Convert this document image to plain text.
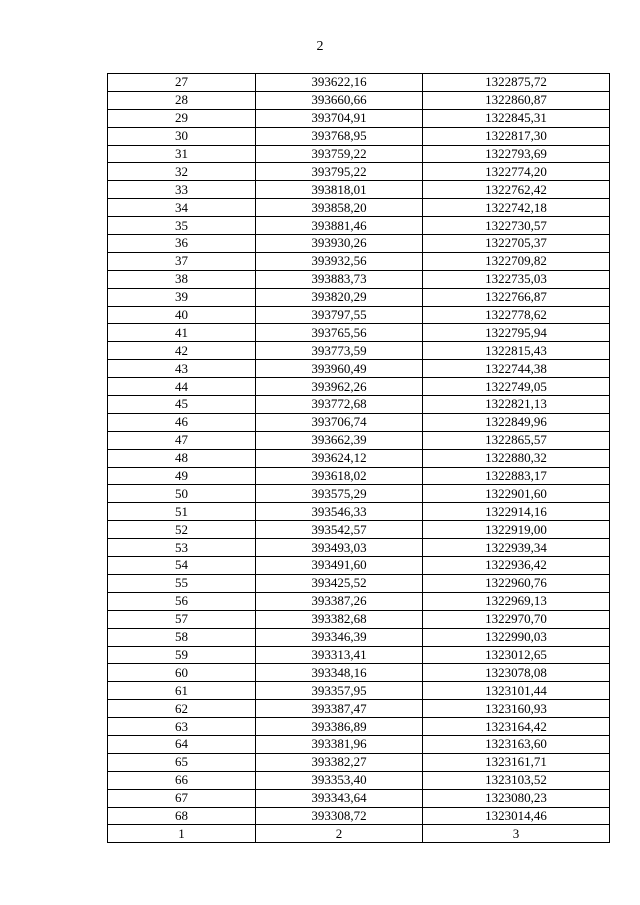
2
27	393622,16	1322875,72
28	393660,66	1322860,87
29	393704,91	1322845,31
30	393768,95	1322817,30
31	393759,22	1322793,69
32	393795,22	1322774,20
33	393818,01	1322762,42
34	393858,20	1322742,18
35	393881,46	1322730,57
36	393930,26	1322705,37
37	393932,56	1322709,82
38	393883,73	1322735,03
39	393820,29	1322766,87
40	393797,55	1322778,62
41	393765,56	1322795,94
42	393773,59	1322815,43
43	393960,49	1322744,38
44	393962,26	1322749,05
45	393772,68	1322821,13
46	393706,74	1322849,96
47	393662,39	1322865,57
48	393624,12	1322880,32
49	393618,02	1322883,17
50	393575,29	1322901,60
51	393546,33	1322914,16
52	393542,57	1322919,00
53	393493,03	1322939,34
54	393491,60	1322936,42
55	393425,52	1322960,76
56	393387,26	1322969,13
57	393382,68	1322970,70
58	393346,39	1322990,03
59	393313,41	1323012,65
60	393348,16	1323078,08
61	393357,95	1323101,44
62	393387,47	1323160,93
63	393386,89	1323164,42
64	393381,96	1323163,60
65	393382,27	1323161,71
66	393353,40	1323103,52
67	393343,64	1323080,23
68	393308,72	1323014,46
1	2	3
